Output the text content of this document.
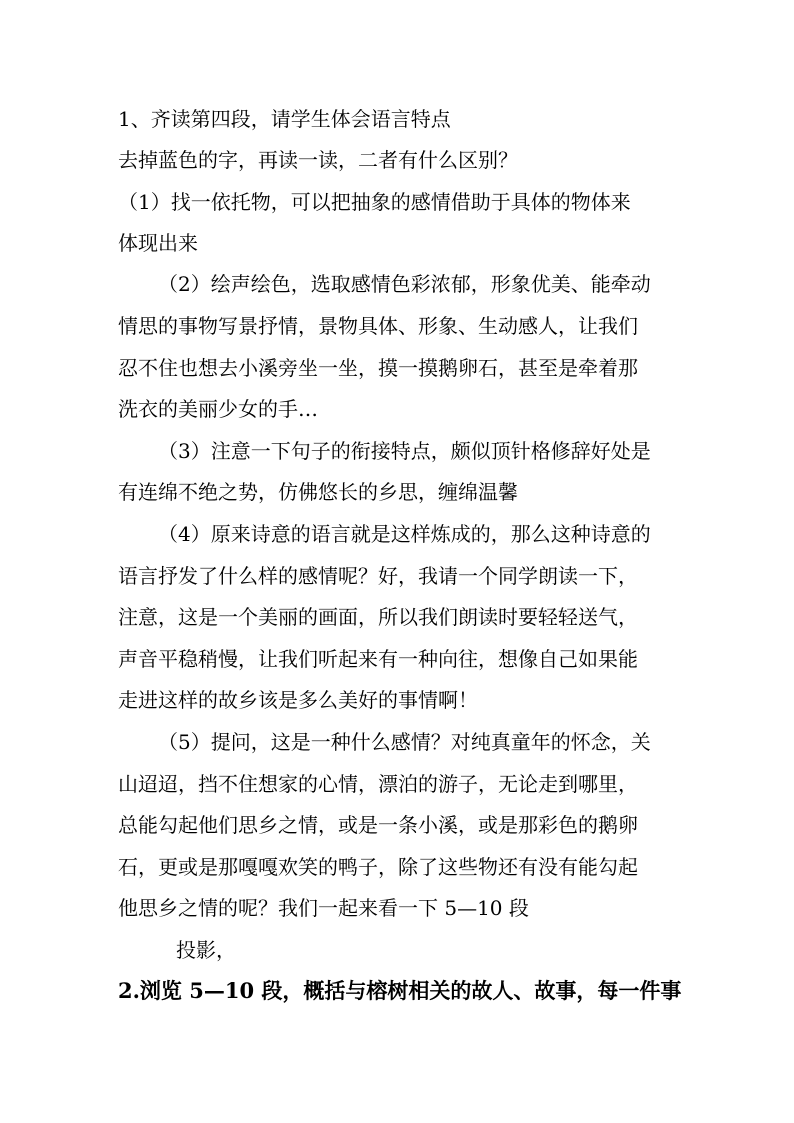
1、齐读第四段，请学生体会语言特点
去掉蓝色的字，再读一读，二者有什么区别？
（1）找一依托物，可以把抽象的感情借助于具体的物体来
体现出来
（2）绘声绘色，选取感情色彩浓郁，形象优美、能牵动
情思的事物写景抒情，景物具体、形象、生动感人，让我们
忍不住也想去小溪旁坐一坐，摸一摸鹅卵石，甚至是牵着那
洗衣的美丽少女的手…
（3）注意一下句子的衔接特点，颇似顶针格修辞好处是
有连绵不绝之势，仿佛悠长的乡思，缠绵温馨
（4）原来诗意的语言就是这样炼成的，那么这种诗意的
语言抒发了什么样的感情呢？好，我请一个同学朗读一下，
注意，这是一个美丽的画面，所以我们朗读时要轻轻送气，
声音平稳稍慢，让我们听起来有一种向往，想像自己如果能
走进这样的故乡该是多么美好的事情啊！
（5）提问，这是一种什么感情？对纯真童年的怀念，关
山迢迢，挡不住想家的心情，漂泊的游子，无论走到哪里，
总能勾起他们思乡之情，或是一条小溪，或是那彩色的鹅卵
石，更或是那嘎嘎欢笑的鸭子，除了这些物还有没有能勾起
他思乡之情的呢？我们一起来看一下 5—10 段
投影，
2.浏览 5—10 段，概括与榕树相关的故人、故事，每一件事
